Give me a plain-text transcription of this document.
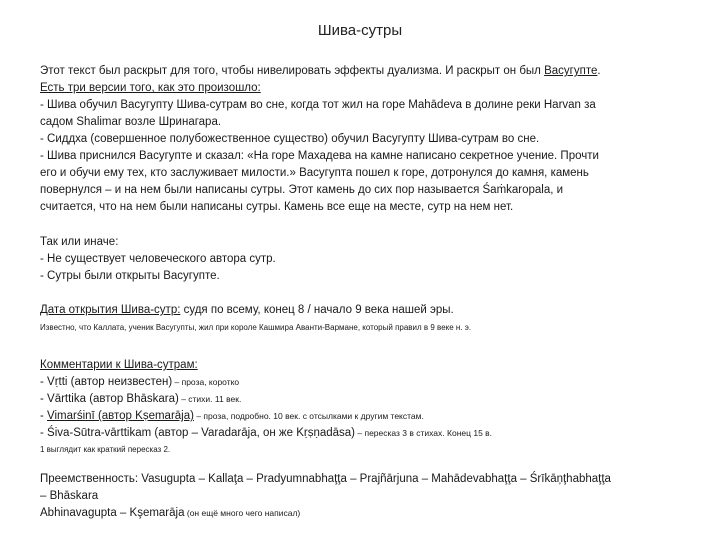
Шива-сутры
Этот текст был раскрыт для того, чтобы нивелировать эффекты дуализма. И раскрыт он был Васугупте.
Есть три версии того, как это произошло:
- Шива обучил Васугупту Шива-сутрам во сне, когда тот жил на горе Mahādeva в долине реки Harvan за
садом Shalimar возле Шринагара.
- Сиддха (совершенное полубожественное существо) обучил Васугупту Шива-сутрам во сне.
- Шива приснился Васугупте и сказал: «На горе Махадева на камне написано секретное учение. Прочти
его и обучи ему тех, кто заслуживает милости.» Васугупта пошел к горе, дотронулся до камня, камень
повернулся – и на нем были написаны сутры. Этот камень до сих пор называется Śaṁkaropala, и
считается, что на нем были написаны сутры. Камень все еще на месте, сутр на нем нет.
Так или иначе:
- Не существует человеческого автора сутр.
- Сутры были открыты Васугупте.
Дата открытия Шива-сутр: судя по всему, конец 8 / начало 9 века нашей эры.
Известно, что Каллата, ученик Васугупты, жил при короле Кашмира Аванти-Вармане, который правил в 9 веке н. э.
Комментарии к Шива-сутрам:
- Vṛtti (автор неизвестен) – проза, коротко
- Vārttika (автор Bhāskara) – стихи. 11 век.
- Vimarśinī (автор Kṣemarāja) – проза, подробно. 10 век. с отсылками к другим текстам.
- Śiva-Sūtra-vārttikam (автор – Varadarāja, он же Kṛṣṇadāsa) – пересказ 3 в стихах. Конец 15 в.
1 выглядит как краткий пересказ 2.
Преемственность: Vasugupta – Kallaţa – Pradyumnabhaţţa – Prajñārjuna – Mahādevabhaţţa – Śrīkāņţhabhaţţa
– Bhāskara
Abhinavagupta – Kşemarāja (он ещё много чего написал)
